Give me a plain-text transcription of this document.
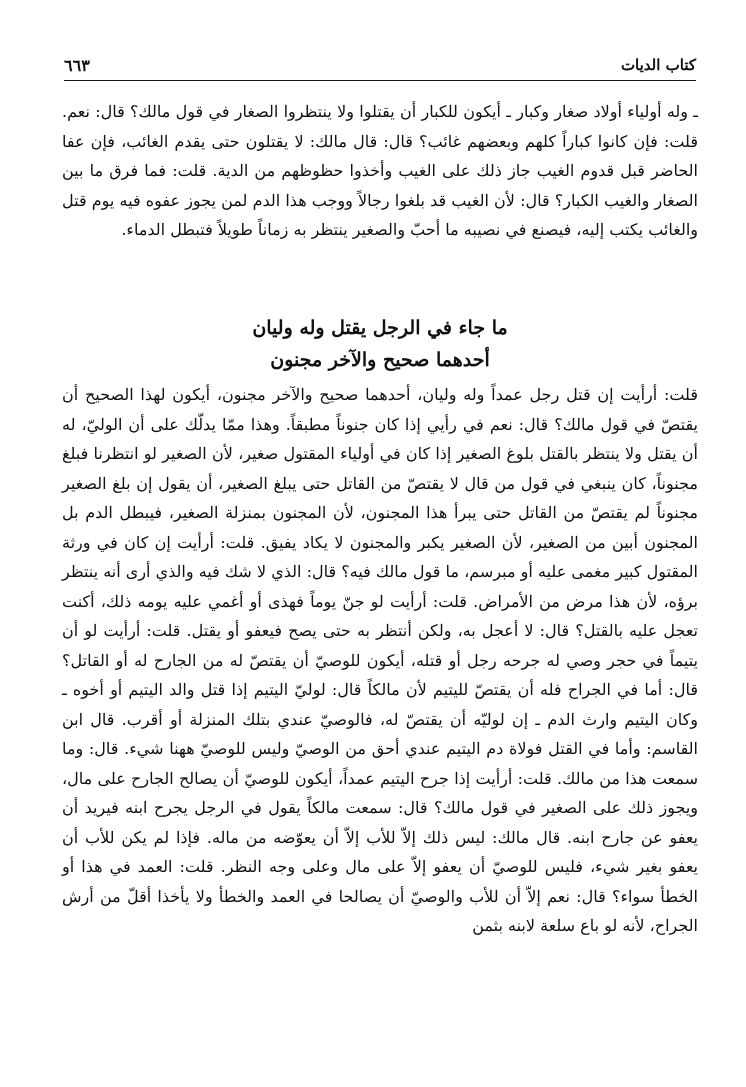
كتاب الديات
٦٦٣

ـ وله أولياء أولاد صغار وكبار ـ أيكون للكبار أن يقتلوا ولا ينتظروا الصغار في قول مالك؟ قال: نعم. قلت: فإن كانوا كباراً كلهم وبعضهم غائب؟ قال: قال مالك: لا يقتلون حتى يقدم الغائب، فإن عفا الحاضر قبل قدوم الغيب جاز ذلك على الغيب وأخذوا حظوظهم من الدية. قلت: فما فرق ما بين الصغار والغيب الكبار؟ قال: لأن الغيب قد بلغوا رجالاً ووجب هذا الدم لمن يجوز عفوه فيه يوم قتل والغائب يكتب إليه، فيصنع في نصيبه ما أحبّ والصغير ينتظر به زماناً طويلاً فتبطل الدماء.

ما جاء في الرجل يقتل وله وليان
أحدهما صحيح والآخر مجنون

قلت: أرأيت إن قتل رجل عمداً وله وليان، أحدهما صحيح والآخر مجنون، أيكون لهذا الصحيح أن يقتصّ في قول مالك؟ قال: نعم في رأيي إذا كان جنوناً مطبقاً. وهذا ممّا يدلّك على أن الوليّ، له أن يقتل ولا ينتظر بالقتل بلوغ الصغير إذا كان في أولياء المقتول صغير، لأن الصغير لو انتظرنا فبلغ مجنوناً، كان ينبغي في قول من قال لا يقتصّ من القاتل حتى يبلغ الصغير، أن يقول إن بلغ الصغير مجنوناً لم يقتصّ من القاتل حتى يبرأ هذا المجنون، لأن المجنون بمنزلة الصغير، فيبطل الدم بل المجنون أبين من الصغير، لأن الصغير يكبر والمجنون لا يكاد يفيق. قلت: أرأيت إن كان في ورثة المقتول كبير مغمى عليه أو مبرسم، ما قول مالك فيه؟ قال: الذي لا شك فيه والذي أرى أنه ينتظر برؤه، لأن هذا مرض من الأمراض. قلت: أرأيت لو جنّ يوماً فهذى أو أغمي عليه يومه ذلك، أكنت تعجل عليه بالقتل؟ قال: لا أعجل به، ولكن أنتظر به حتى يصح فيعفو أو يقتل. قلت: أرأيت لو أن يتيماً في حجر وصي له جرحه رجل أو قتله، أيكون للوصيّ أن يقتصّ له من الجارح له أو القاتل؟ قال: أما في الجراح فله أن يقتصّ لليتيم لأن مالكاً قال: لوليّ اليتيم إذا قتل والد اليتيم أو أخوه ـ وكان اليتيم وارث الدم ـ إن لوليّه أن يقتصّ له، فالوصيّ عندي بتلك المنزلة أو أقرب. قال ابن القاسم: وأما في القتل فولاة دم اليتيم عندي أحق من الوصيّ وليس للوصيّ ههنا شيء. قال: وما سمعت هذا من مالك. قلت: أرأيت إذا جرح اليتيم عمداً، أيكون للوصيّ أن يصالح الجارح على مال، ويجوز ذلك على الصغير في قول مالك؟ قال: سمعت مالكاً يقول في الرجل يجرح ابنه فيريد أن يعفو عن جارح ابنه. قال مالك: ليس ذلك إلاّ للأب إلاّ أن يعوّضه من ماله. فإذا لم يكن للأب أن يعفو بغير شيء، فليس للوصيّ أن يعفو إلاّ على مال وعلى وجه النظر. قلت: العمد في هذا أو الخطأ سواء؟ قال: نعم إلاّ أن للأب والوصيّ أن يصالحا في العمد والخطأ ولا يأخذا أقلّ من أرش الجراح، لأنه لو باع سلعة لابنه بثمن
